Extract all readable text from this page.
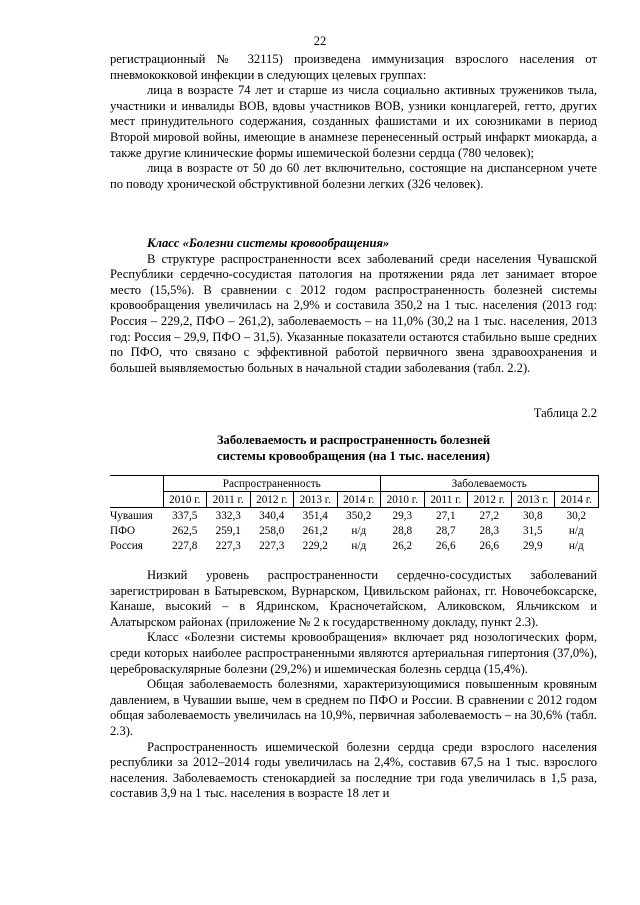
22

регистрационный № 32115) произведена иммунизация взрослого населения от пневмококковой инфекции в следующих целевых группах:

лица в возрасте 74 лет и старше из числа социально активных тружеников тыла, участники и инвалиды ВОВ, вдовы участников ВОВ, узники концлагерей, гетто, других мест принудительного содержания, созданных фашистами и их союзниками в период Второй мировой войны, имеющие в анамнезе перенесенный острый инфаркт миокарда, а также другие клинические формы ишемической болезни сердца (780 человек);

лица в возрасте от 50 до 60 лет включительно, состоящие на диспансерном учете по поводу хронической обструктивной болезни легких (326 человек).

Класс «Болезни системы кровообращения»

В структуре распространенности всех заболеваний среди населения Чувашской Республики сердечно-сосудистая патология на протяжении ряда лет занимает второе место (15,5%). В сравнении с 2012 годом распространенность болезней системы кровообращения увеличилась на 2,9% и составила 350,2 на 1 тыс. населения (2013 год: Россия – 229,2, ПФО – 261,2), заболеваемость – на 11,0% (30,2 на 1 тыс. населения, 2013 год: Россия – 29,9, ПФО – 31,5). Указанные показатели остаются стабильно выше средних по ПФО, что связано с эффективной работой первичного звена здравоохранения и большей выявляемостью больных в начальной стадии заболевания (табл. 2.2).

Таблица 2.2
Заболеваемость и распространенность болезней
системы кровообращения (на 1 тыс. населения)
	Распространенность					Заболеваемость				
	2010 г.	2011 г.	2012 г.	2013 г.	2014 г.	2010 г.	2011 г.	2012 г.	2013 г.	2014 г.
Чувашия	337,5	332,3	340,4	351,4	350,2	29,3	27,1	27,2	30,8	30,2
ПФО	262,5	259,1	258,0	261,2	н/д	28,8	28,7	28,3	31,5	н/д
Россия	227,8	227,3	227,3	229,2	н/д	26,2	26,6	26,6	29,9	н/д

Низкий уровень распространенности сердечно-сосудистых заболеваний зарегистрирован в Батыревском, Вурнарском, Цивильском районах, гг. Новочебоксарске, Канаше, высокий – в Ядринском, Красночетайском, Аликовском, Яльчикском и Алатырском районах (приложение № 2 к государственному докладу, пункт 2.3).

Класс «Болезни системы кровообращения» включает ряд нозологических форм, среди которых наиболее распространенными являются артериальная гипертония (37,0%), цереброваскулярные болезни (29,2%) и ишемическая болезнь сердца (15,4%).

Общая заболеваемость болезнями, характеризующимися повышенным кровяным давлением, в Чувашии выше, чем в среднем по ПФО и России. В сравнении с 2012 годом общая заболеваемость увеличилась на 10,9%, первичная заболеваемость – на 30,6% (табл. 2.3).

Распространенность ишемической болезни сердца среди взрослого населения республики за 2012–2014 годы увеличилась на 2,4%, составив 67,5 на 1 тыс. взрослого населения. Заболеваемость стенокардией за последние три года увеличилась в 1,5 раза, составив 3,9 на 1 тыс. населения в возрасте 18 лет и
